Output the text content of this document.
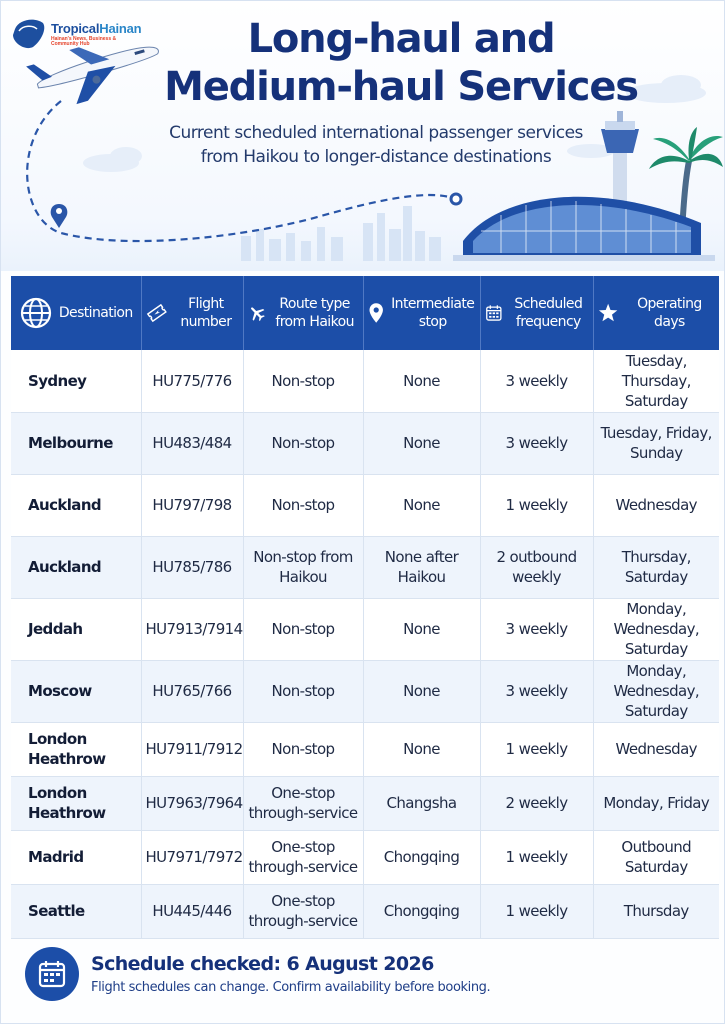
TropicalHainan
Hainan's News, Business & Community Hub	Long-haul and Medium-haul Services

Current scheduled international passenger services from Haikou to longer-distance destinations

Destination	Flight number	Route type from Haikou	Intermediate stop	Scheduled frequency	Operating days

Sydney	HU775/776	Non-stop	None	3 weekly	Tuesday, Thursday, Saturday
Melbourne	HU483/484	Non-stop	None	3 weekly	Tuesday, Friday, Sunday
Auckland	HU797/798	Non-stop	None	1 weekly	Wednesday
Auckland	HU785/786	Non-stop from Haikou	None after Haikou	2 outbound weekly	Thursday, Saturday
Jeddah	HU7913/7914	Non-stop	None	3 weekly	Monday, Wednesday, Saturday
Moscow	HU765/766	Non-stop	None	3 weekly	Monday, Wednesday, Saturday
London Heathrow	HU7911/7912	Non-stop	None	1 weekly	Wednesday
London Heathrow	HU7963/7964	One-stop through-service	Changsha	2 weekly	Monday, Friday
Madrid	HU7971/7972	One-stop through-service	Chongqing	1 weekly	Outbound Saturday
Seattle	HU445/446	One-stop through-service	Chongqing	1 weekly	Thursday
Schedule checked: 6 August 2026
Flight schedules can change. Confirm availability before booking.
